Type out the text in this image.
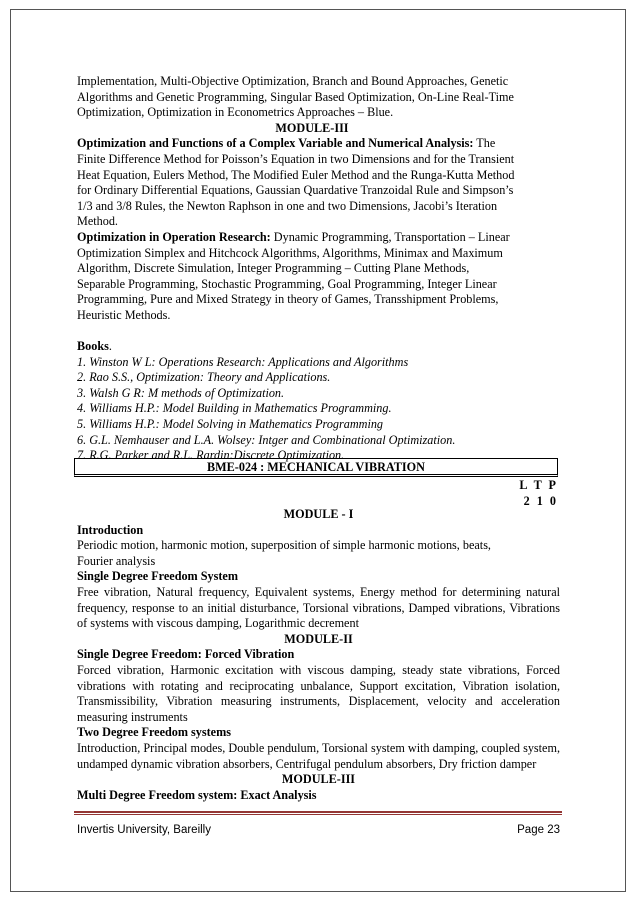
Implementation, Multi-Objective Optimization, Branch and Bound Approaches, Genetic

Algorithms and Genetic Programming, Singular Based Optimization, On-Line Real-Time

Optimization, Optimization in Econometrics Approaches – Blue.

MODULE-III

Optimization and Functions of a Complex Variable and Numerical Analysis: The

Finite Difference Method for Poisson’s Equation in two Dimensions and for the Transient

Heat Equation, Eulers Method, The Modified Euler Method and the Runga-Kutta Method

for Ordinary Differential Equations, Gaussian Quardative Tranzoidal Rule and Simpson’s

1/3 and 3/8 Rules, the Newton Raphson in one and two Dimensions, Jacobi’s Iteration

Method.

Optimization in Operation Research: Dynamic Programming, Transportation – Linear

Optimization Simplex and Hitchcock Algorithms, Algorithms, Minimax and Maximum

Algorithm, Discrete Simulation, Integer Programming – Cutting Plane Methods,

Separable Programming, Stochastic Programming, Goal Programming, Integer Linear

Programming, Pure and Mixed Strategy in theory of Games, Transshipment Problems,

Heuristic Methods.

Books.

1. Winston W L: Operations Research: Applications and Algorithms

2. Rao S.S., Optimization: Theory and Applications.

3. Walsh G R: M methods of Optimization.

4. Williams H.P.: Model Building in Mathematics Programming.

5. Williams H.P.: Model Solving in Mathematics Programming

6. G.L. Nemhauser and L.A. Wolsey: Intger and Combinational Optimization.

7. R.G. Parker and R.L. Rardin:Discrete Optimization.

BME-024 : MECHANICAL VIBRATION
L T P
2 1 0

MODULE - I

Introduction

Periodic motion, harmonic motion, superposition of simple harmonic motions, beats,

Fourier analysis

Single Degree Freedom System

Free vibration, Natural frequency, Equivalent systems, Energy method for determining natural frequency, response to an initial disturbance, Torsional vibrations, Damped vibrations, Vibrations of systems with viscous damping, Logarithmic decrement

MODULE-II

Single Degree Freedom: Forced Vibration

Forced vibration, Harmonic excitation with viscous damping, steady state vibrations, Forced vibrations with rotating and reciprocating unbalance, Support excitation, Vibration isolation, Transmissibility, Vibration measuring instruments, Displacement, velocity and acceleration measuring instruments

Two Degree Freedom systems

Introduction, Principal modes, Double pendulum, Torsional system with damping, coupled system, undamped dynamic vibration absorbers, Centrifugal pendulum absorbers, Dry friction damper

MODULE-III

Multi Degree Freedom system: Exact Analysis

Invertis University, Bareilly	Page 23
